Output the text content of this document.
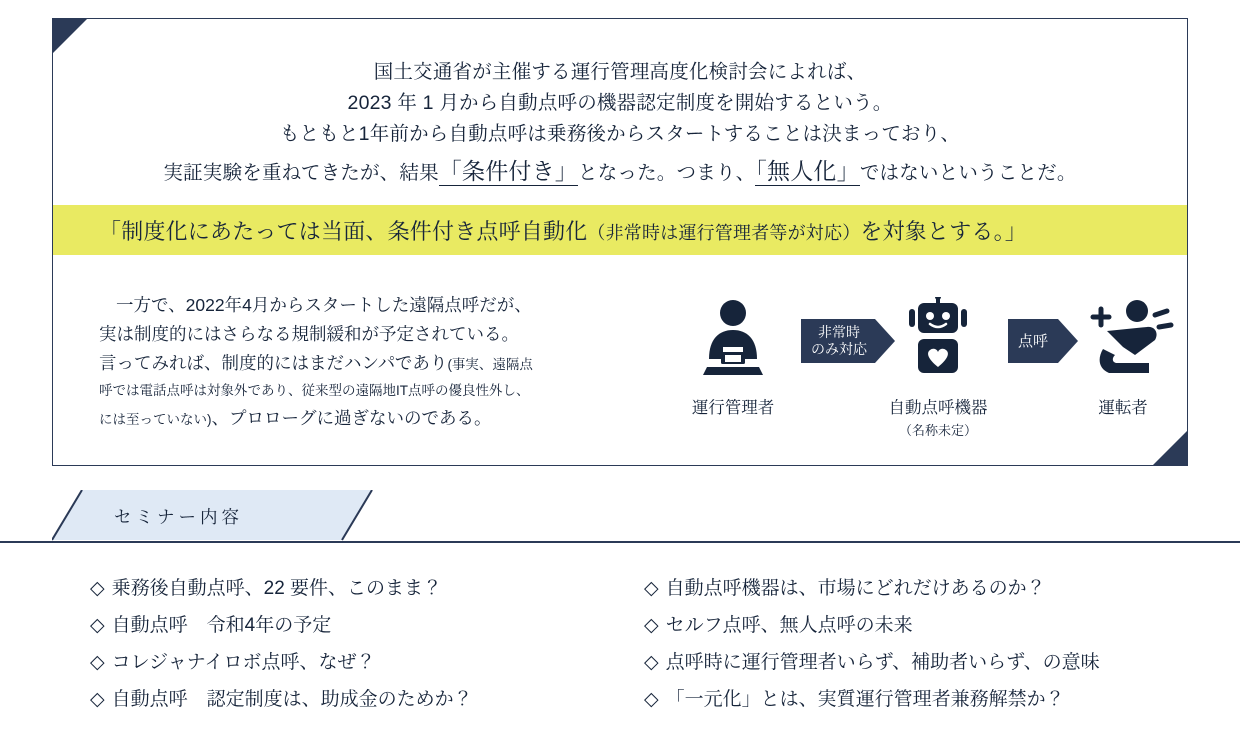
国土交通省が主催する運行管理高度化検討会によれば、
2023 年 1 月から自動点呼の機器認定制度を開始するという。
もともと1年前から自動点呼は乗務後からスタートすることは決まっており、
実証実験を重ねてきたが、結果「条件付き」となった。つまり、「無人化」ではないということだ。
「制度化にあたっては当面、条件付き点呼自動化（非常時は運行管理者等が対応）を対象とする。」

一方で、2022年4月からスタートした遠隔点呼だが、

実は制度的にはさらなる規制緩和が予定されている。

言ってみれば、制度的にはまだハンパであり(事実、遠隔点

呼では電話点呼は対象外であり、従来型の遠隔地IT点呼の優良性外し、

には至っていない)、プロローグに過ぎないのである。	運行管理者
非常時
のみ対応
自動点呼機器
（名称未定）
点呼
運転者
セミナー内容
◇ 乗務後自動点呼、22 要件、このまま？
◇ 自動点呼　令和4年の予定
◇ コレジャナイロボ点呼、なぜ？
◇ 自動点呼　認定制度は、助成金のためか？
◇ 自動点呼機器は、市場にどれだけあるのか？
◇ セルフ点呼、無人点呼の未来
◇ 点呼時に運行管理者いらず、補助者いらず、の意味
◇ 「一元化」とは、実質運行管理者兼務解禁か？
